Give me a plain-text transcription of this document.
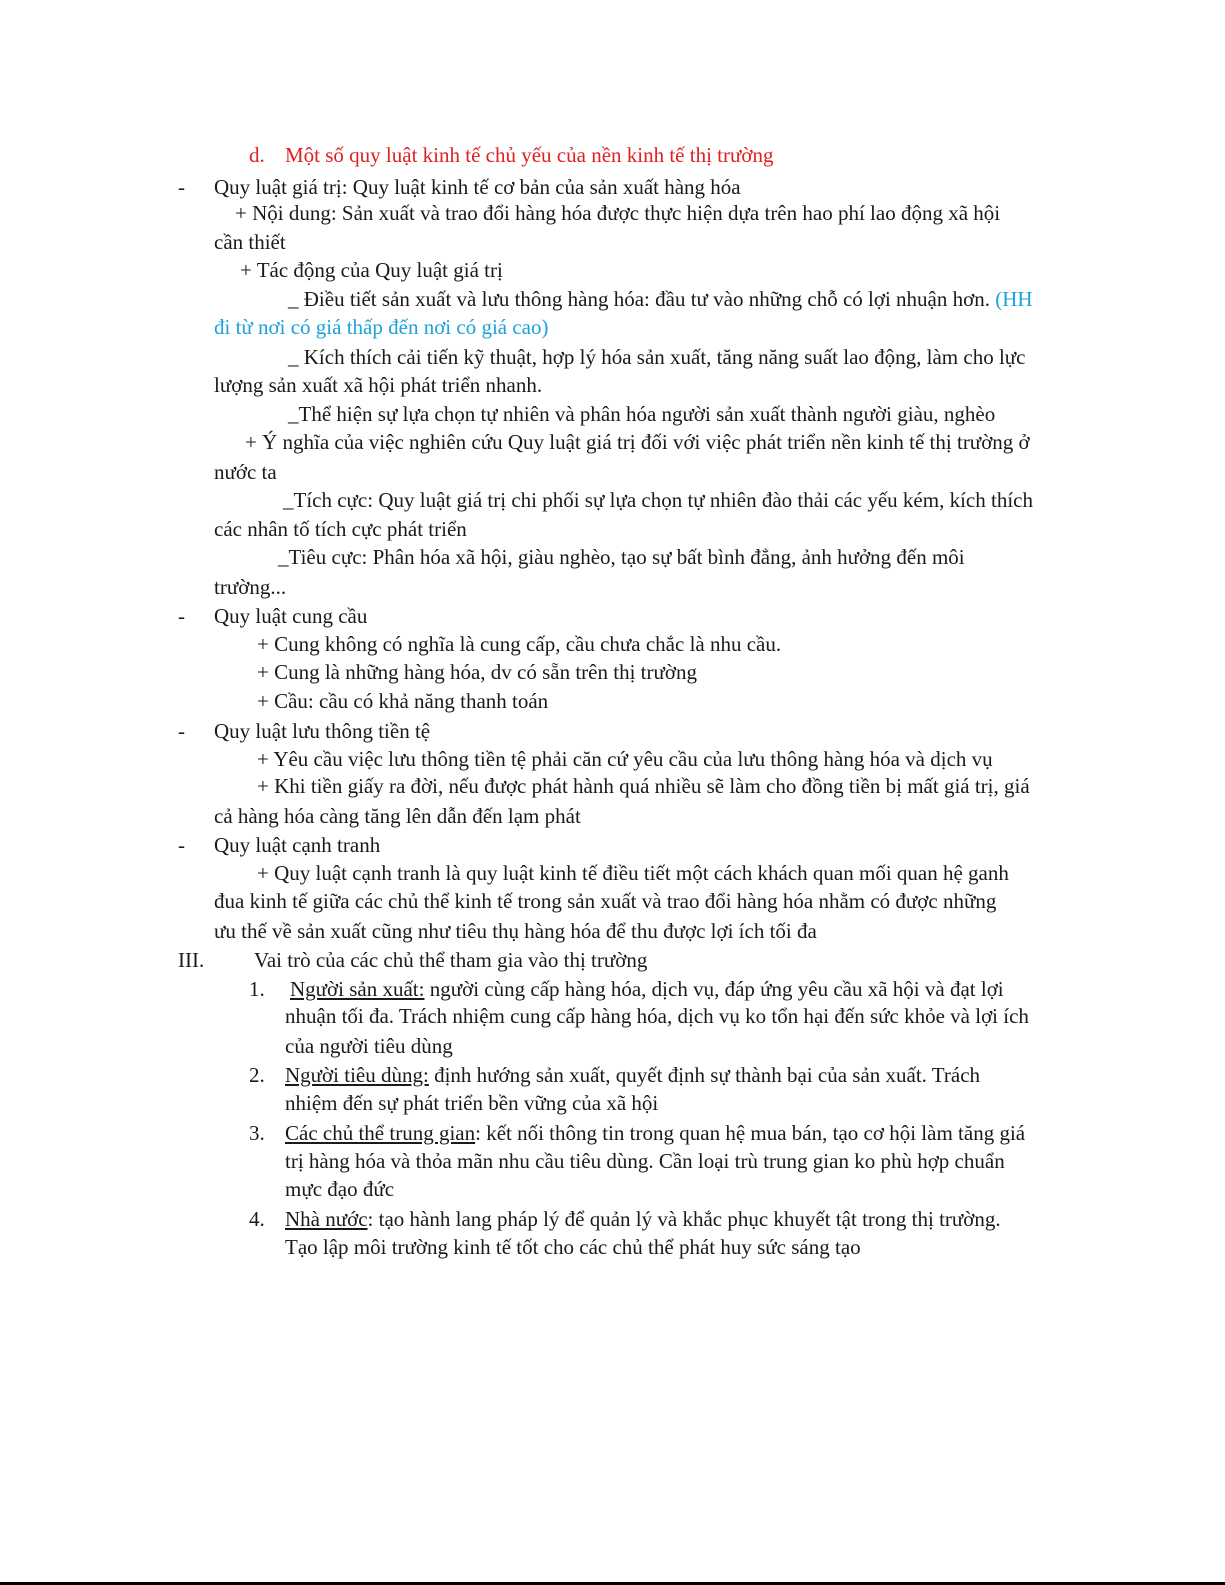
d. Một số quy luật kinh tế chủ yếu của nền kinh tế thị trường
- Quy luật giá trị: Quy luật kinh tế cơ bản của sản xuất hàng hóa
+ Nội dung: Sản xuất và trao đổi hàng hóa được thực hiện dựa trên hao phí lao động xã hội
cần thiết
+ Tác động của Quy luật giá trị
_ Điều tiết sản xuất và lưu thông hàng hóa: đầu tư vào những chỗ có lợi nhuận hơn. (HH
đi từ nơi có giá thấp đến nơi có giá cao)
_ Kích thích cải tiến kỹ thuật, hợp lý hóa sản xuất, tăng năng suất lao động, làm cho lực
lượng sản xuất xã hội phát triển nhanh.
_Thể hiện sự lựa chọn tự nhiên và phân hóa người sản xuất thành người giàu, nghèo
+ Ý nghĩa của việc nghiên cứu Quy luật giá trị đối với việc phát triển nền kinh tế thị trường ở
nước ta
_Tích cực: Quy luật giá trị chi phối sự lựa chọn tự nhiên đào thải các yếu kém, kích thích
các nhân tố tích cực phát triển
_Tiêu cực: Phân hóa xã hội, giàu nghèo, tạo sự bất bình đẳng, ảnh hưởng đến môi
trường...
- Quy luật cung cầu
+ Cung không có nghĩa là cung cấp, cầu chưa chắc là nhu cầu.
+ Cung là những hàng hóa, dv có sẵn trên thị trường
+ Cầu: cầu có khả năng thanh toán
- Quy luật lưu thông tiền tệ
+ Yêu cầu việc lưu thông tiền tệ phải căn cứ yêu cầu của lưu thông hàng hóa và dịch vụ
+ Khi tiền giấy ra đời, nếu được phát hành quá nhiều sẽ làm cho đồng tiền bị mất giá trị, giá
cả hàng hóa càng tăng lên dẫn đến lạm phát
- Quy luật cạnh tranh
+ Quy luật cạnh tranh là quy luật kinh tế điều tiết một cách khách quan mối quan hệ ganh
đua kinh tế giữa các chủ thể kinh tế trong sản xuất và trao đổi hàng hóa nhằm có được những
ưu thế về sản xuất cũng như tiêu thụ hàng hóa để thu được lợi ích tối đa
III. Vai trò của các chủ thể tham gia vào thị trường
1. Người sản xuất: người cùng cấp hàng hóa, dịch vụ, đáp ứng yêu cầu xã hội và đạt lợi
nhuận tối đa. Trách nhiệm cung cấp hàng hóa, dịch vụ ko tổn hại đến sức khỏe và lợi ích
của người tiêu dùng
2. Người tiêu dùng: định hướng sản xuất, quyết định sự thành bại của sản xuất. Trách
nhiệm đến sự phát triển bền vững của xã hội
3. Các chủ thể trung gian: kết nối thông tin trong quan hệ mua bán, tạo cơ hội làm tăng giá
trị hàng hóa và thỏa mãn nhu cầu tiêu dùng. Cần loại trù trung gian ko phù hợp chuẩn
mực đạo đức
4. Nhà nước: tạo hành lang pháp lý để quản lý và khắc phục khuyết tật trong thị trường.
Tạo lập môi trường kinh tế tốt cho các chủ thể phát huy sức sáng tạo
